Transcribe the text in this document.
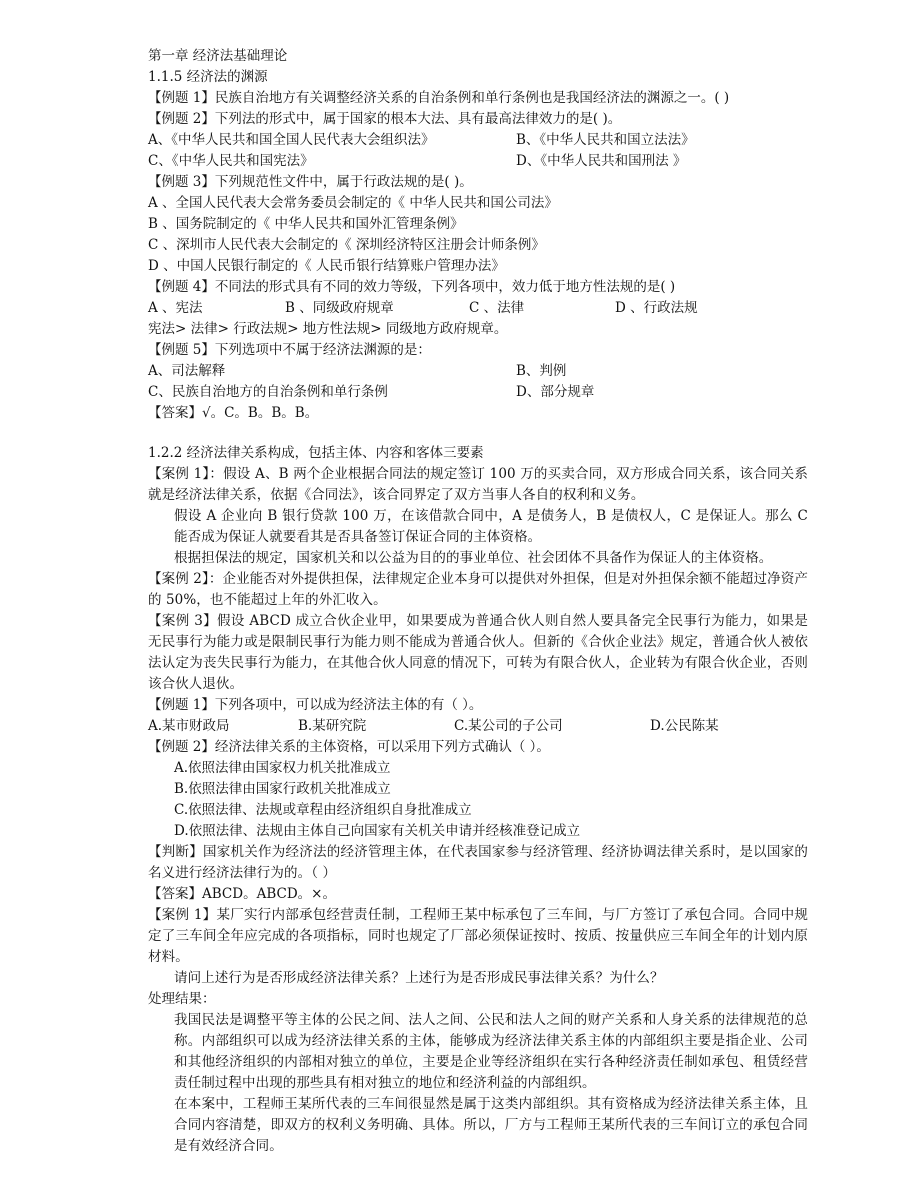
第一章 经济法基础理论
1.1.5 经济法的渊源
【例题 1】民族自治地方有关调整经济关系的自治条例和单行条例也是我国经济法的渊源之一。( )
【例题 2】下列法的形式中，属于国家的根本大法、具有最高法律效力的是( )。
A、《中华人民共和国全国人民代表大会组织法》	B、《中华人民共和国立法法》
C、《中华人民共和国宪法》	D、《中华人民共和国刑法 》
【例题 3】下列规范性文件中，属于行政法规的是( )。
A 、全国人民代表大会常务委员会制定的《 中华人民共和国公司法》
B 、国务院制定的《 中华人民共和国外汇管理条例》
C 、深圳市人民代表大会制定的《 深圳经济特区注册会计师条例》
D 、中国人民银行制定的《 人民币银行结算账户管理办法》
【例题 4】不同法的形式具有不同的效力等级，下列各项中，效力低于地方性法规的是( )
A 、宪法	B 、同级政府规章	C 、法律	D 、行政法规
宪法> 法律> 行政法规> 地方性法规> 同级地方政府规章。
【例题 5】下列选项中不属于经济法渊源的是：
A、司法解释	B、判例
C、民族自治地方的自治条例和单行条例	D、部分规章
【答案】√。C。B。B。B。
1.2.2 经济法律关系构成，包括主体、内容和客体三要素
【案例 1】：假设 A、B 两个企业根据合同法的规定签订 100 万的买卖合同，双方形成合同关系，该合同关系就是经济法律关系，依据《合同法》，该合同界定了双方当事人各自的权利和义务。
假设 A 企业向 B 银行贷款 100 万，在该借款合同中，A 是债务人，B 是债权人，C 是保证人。那么 C 能否成为保证人就要看其是否具备签订保证合同的主体资格。
根据担保法的规定，国家机关和以公益为目的的事业单位、社会团体不具备作为保证人的主体资格。
【案例 2】：企业能否对外提供担保，法律规定企业本身可以提供对外担保，但是对外担保余额不能超过净资产的 50%，也不能超过上年的外汇收入。
【案例 3】假设 ABCD 成立合伙企业甲，如果要成为普通合伙人则自然人要具备完全民事行为能力，如果是无民事行为能力或是限制民事行为能力则不能成为普通合伙人。但新的《合伙企业法》规定，普通合伙人被依法认定为丧失民事行为能力，在其他合伙人同意的情况下，可转为有限合伙人，企业转为有限合伙企业，否则该合伙人退伙。
【例题 1】下列各项中，可以成为经济法主体的有（ ）。
A.某市财政局	B.某研究院	C.某公司的子公司	D.公民陈某
【例题 2】经济法律关系的主体资格，可以采用下列方式确认（ ）。
A.依照法律由国家权力机关批准成立
B.依照法律由国家行政机关批准成立
C.依照法律、法规或章程由经济组织自身批准成立
D.依照法律、法规由主体自己向国家有关机关申请并经核准登记成立
【判断】国家机关作为经济法的经济管理主体，在代表国家参与经济管理、经济协调法律关系时，是以国家的名义进行经济法律行为的。（ ）
【答案】ABCD。ABCD。×。
【案例 1】某厂实行内部承包经营责任制，工程师王某中标承包了三车间，与厂方签订了承包合同。合同中规定了三车间全年应完成的各项指标，同时也规定了厂部必须保证按时、按质、按量供应三车间全年的计划内原材料。
请问上述行为是否形成经济法律关系？上述行为是否形成民事法律关系？为什么？
处理结果：
我国民法是调整平等主体的公民之间、法人之间、公民和法人之间的财产关系和人身关系的法律规范的总称。内部组织可以成为经济法律关系的主体，能够成为经济法律关系主体的内部组织主要是指企业、公司和其他经济组织的内部相对独立的单位，主要是企业等经济组织在实行各种经济责任制如承包、租赁经营责任制过程中出现的那些具有相对独立的地位和经济利益的内部组织。
在本案中，工程师王某所代表的三车间很显然是属于这类内部组织。其有资格成为经济法律关系主体，且合同内容清楚，即双方的权利义务明确、具体。所以，厂方与工程师王某所代表的三车间订立的承包合同是有效经济合同。
